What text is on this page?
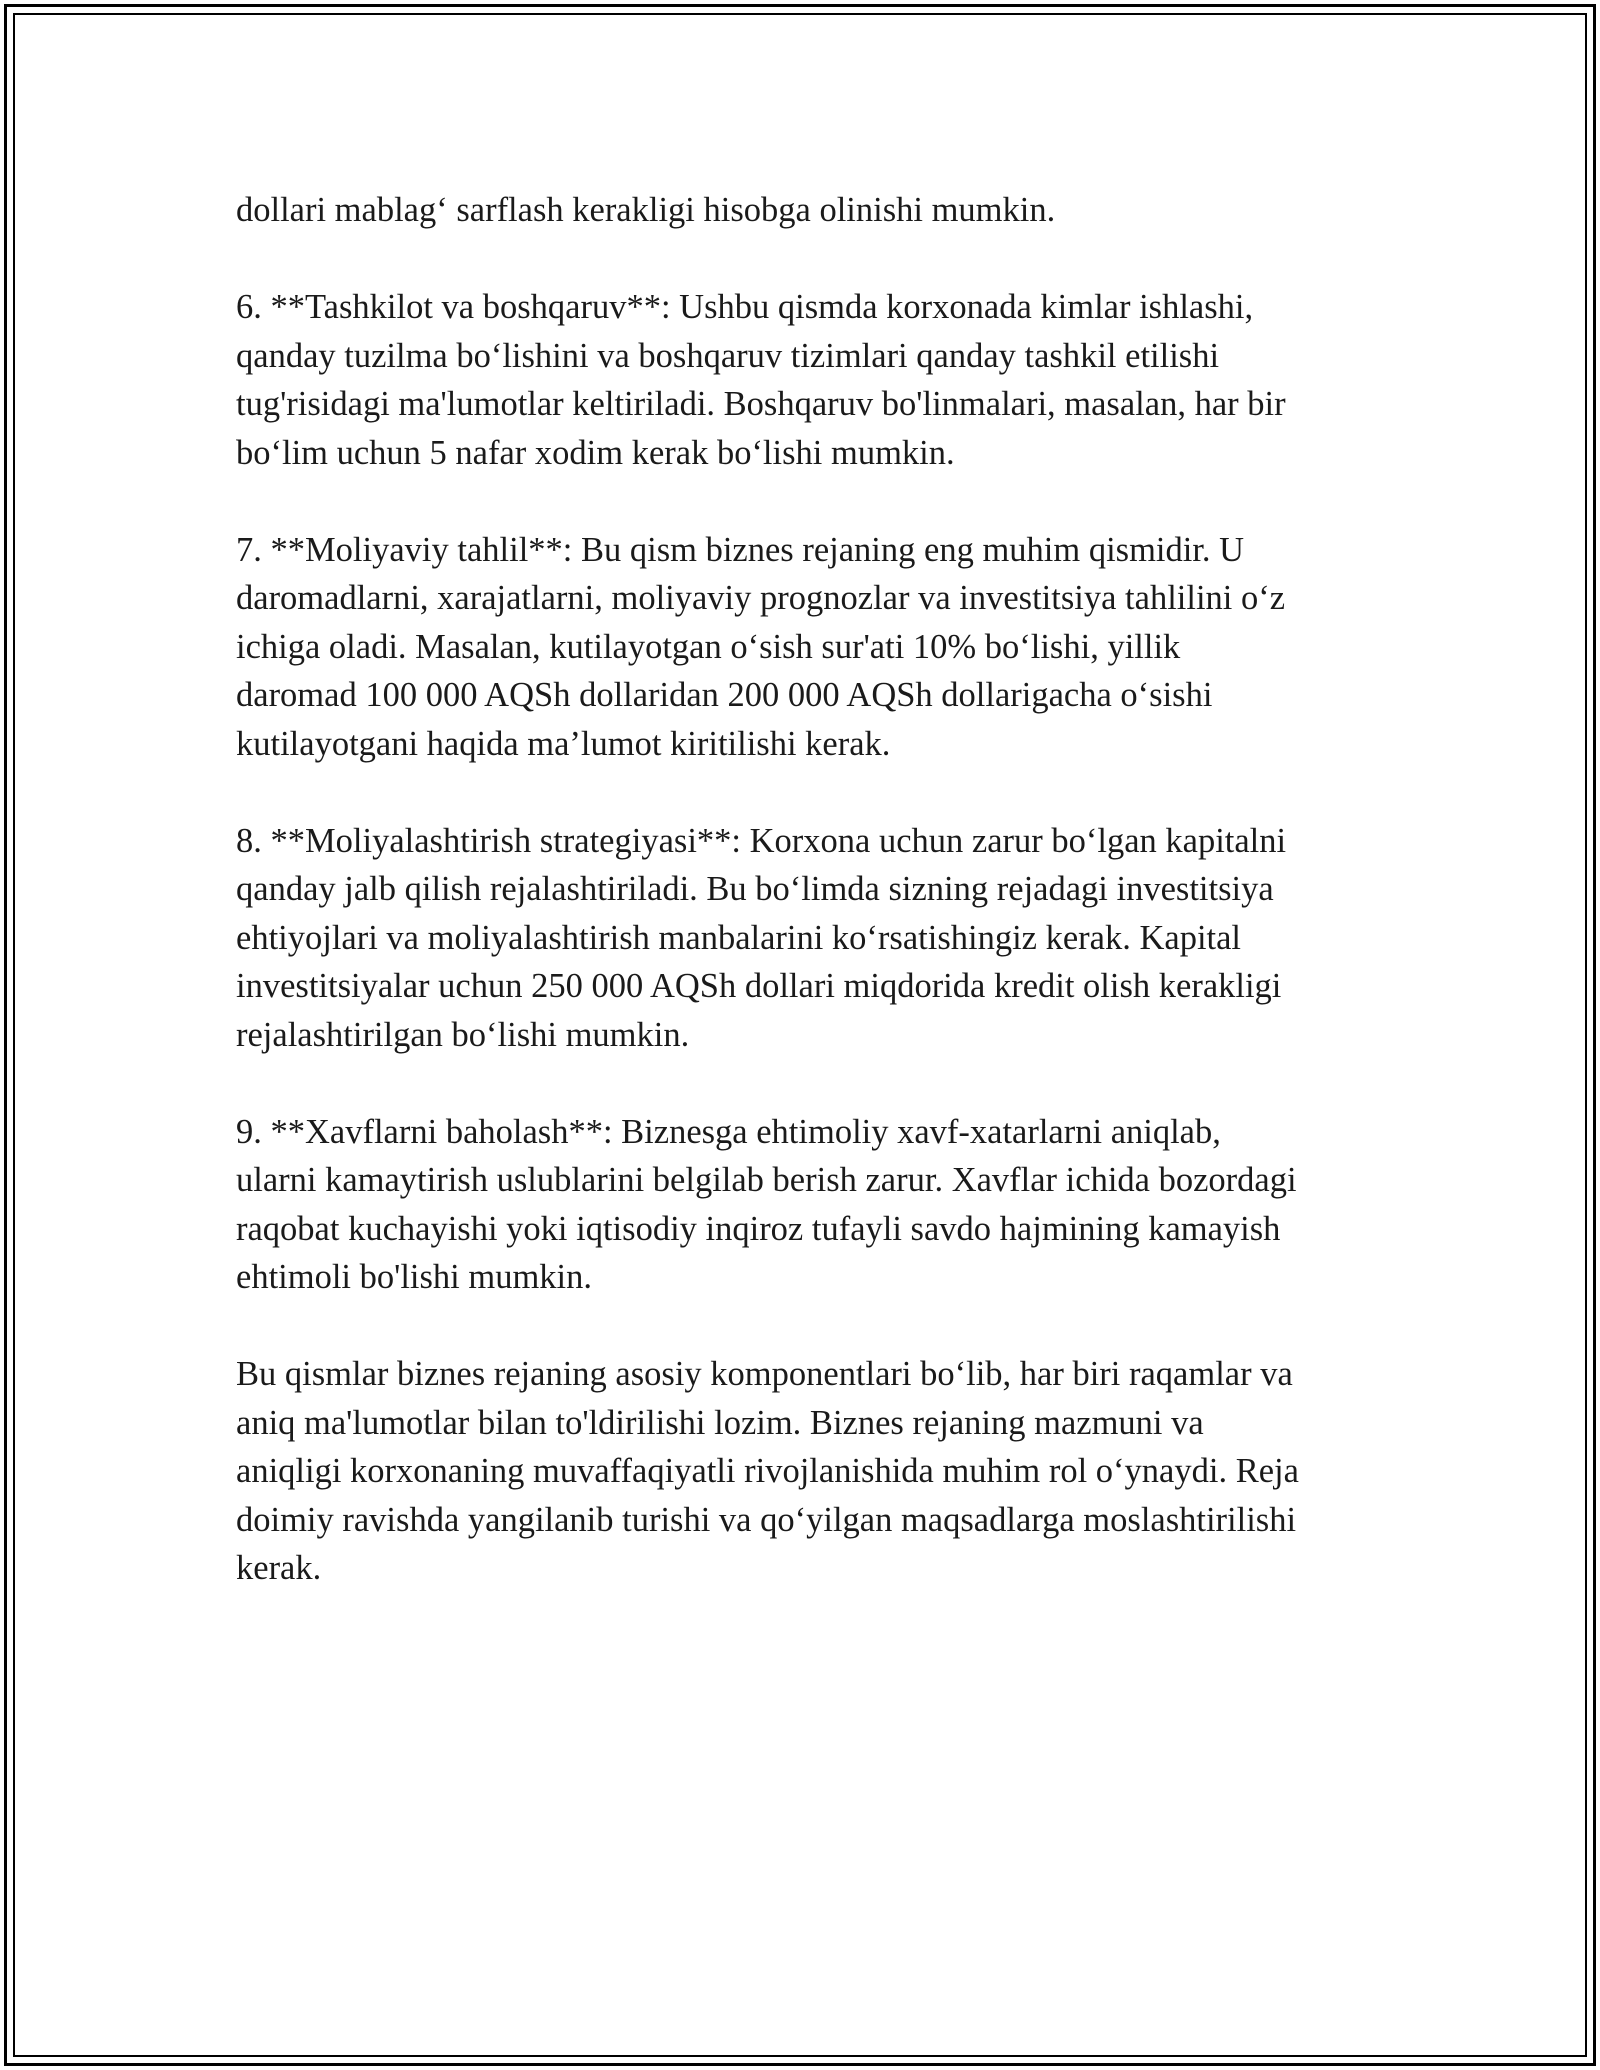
dollari mablag‘ sarflash kerakligi hisobga olinishi mumkin.

6. **Tashkilot va boshqaruv**: Ushbu qismda korxonada kimlar ishlashi,
qanday tuzilma bo‘lishini va boshqaruv tizimlari qanday tashkil etilishi
tug'risidagi ma'lumotlar keltiriladi. Boshqaruv bo'linmalari, masalan, har bir
bo‘lim uchun 5 nafar xodim kerak bo‘lishi mumkin.

7. **Moliyaviy tahlil**: Bu qism biznes rejaning eng muhim qismidir. U
daromadlarni, xarajatlarni, moliyaviy prognozlar va investitsiya tahlilini o‘z
ichiga oladi. Masalan, kutilayotgan o‘sish sur'ati 10% bo‘lishi, yillik
daromad 100 000 AQSh dollaridan 200 000 AQSh dollarigacha o‘sishi
kutilayotgani haqida ma’lumot kiritilishi kerak.

8. **Moliyalashtirish strategiyasi**: Korxona uchun zarur bo‘lgan kapitalni
qanday jalb qilish rejalashtiriladi. Bu bo‘limda sizning rejadagi investitsiya
ehtiyojlari va moliyalashtirish manbalarini ko‘rsatishingiz kerak. Kapital
investitsiyalar uchun 250 000 AQSh dollari miqdorida kredit olish kerakligi
rejalashtirilgan bo‘lishi mumkin.

9. **Xavflarni baholash**: Biznesga ehtimoliy xavf-xatarlarni aniqlab,
ularni kamaytirish uslublarini belgilab berish zarur. Xavflar ichida bozordagi
raqobat kuchayishi yoki iqtisodiy inqiroz tufayli savdo hajmining kamayish
ehtimoli bo'lishi mumkin.

Bu qismlar biznes rejaning asosiy komponentlari bo‘lib, har biri raqamlar va
aniq ma'lumotlar bilan to'ldirilishi lozim. Biznes rejaning mazmuni va
aniqligi korxonaning muvaffaqiyatli rivojlanishida muhim rol o‘ynaydi. Reja
doimiy ravishda yangilanib turishi va qo‘yilgan maqsadlarga moslashtirilishi
kerak.
